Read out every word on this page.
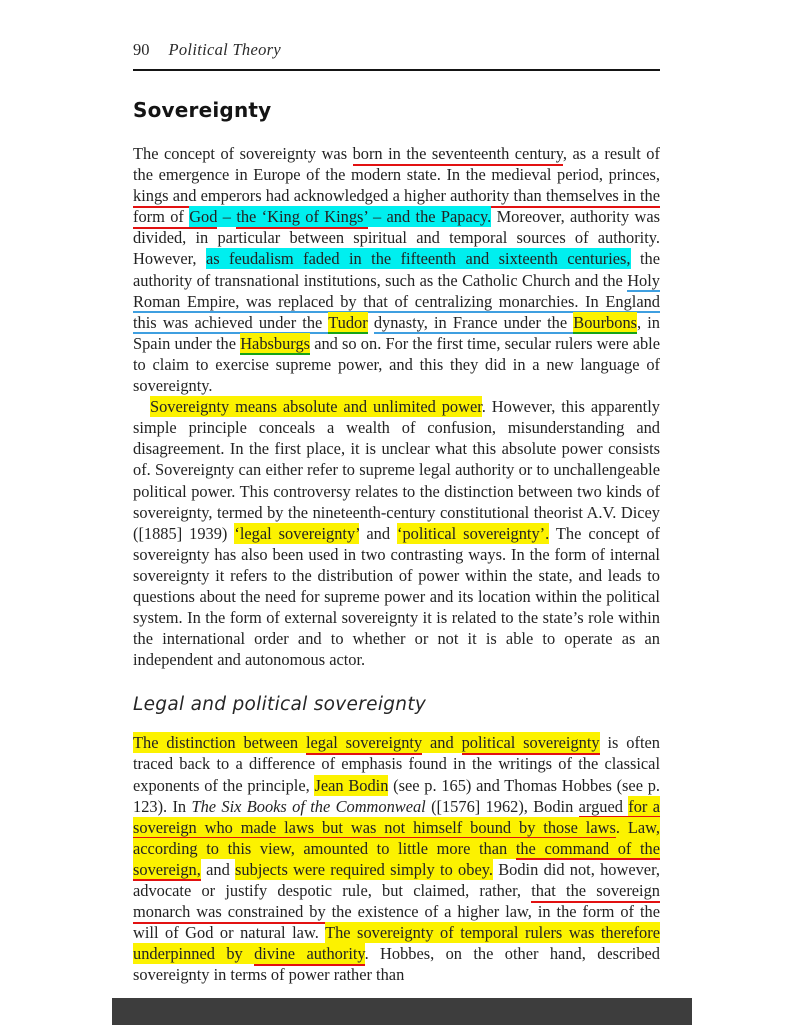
90 Political Theory
Sovereignty

The concept of sovereignty was born in the seventeenth century, as a result of the emergence in Europe of the modern state. In the medieval period, princes, kings and emperors had acknowledged a higher authority than themselves in the form of God – the ‘King of Kings’ – and the Papacy. Moreover, authority was divided, in particular between spiritual and temporal sources of authority. However, as feudalism faded in the fifteenth and sixteenth centuries, the authority of transnational institutions, such as the Catholic Church and the Holy Roman Empire, was replaced by that of centralizing monarchies. In England this was achieved under the Tudor dynasty, in France under the Bourbons, in Spain under the Habsburgs and so on. For the first time, secular rulers were able to claim to exercise supreme power, and this they did in a new language of sovereignty.

Sovereignty means absolute and unlimited power. However, this apparently simple principle conceals a wealth of confusion, misunderstanding and disagreement. In the first place, it is unclear what this absolute power consists of. Sovereignty can either refer to supreme legal authority or to unchallengeable political power. This controversy relates to the distinction between two kinds of sovereignty, termed by the nineteenth-century constitutional theorist A.V. Dicey ([1885] 1939) ‘legal sovereignty’ and ‘political sovereignty’. The concept of sovereignty has also been used in two contrasting ways. In the form of internal sovereignty it refers to the distribution of power within the state, and leads to questions about the need for supreme power and its location within the political system. In the form of external sovereignty it is related to the state’s role within the international order and to whether or not it is able to operate as an independent and autonomous actor.

Legal and political sovereignty

The distinction between legal sovereignty and political sovereignty is often traced back to a difference of emphasis found in the writings of the classical exponents of the principle, Jean Bodin (see p. 165) and Thomas Hobbes (see p. 123). In The Six Books of the Commonweal ([1576] 1962), Bodin argued for a sovereign who made laws but was not himself bound by those laws. Law, according to this view, amounted to little more than the command of the sovereign, and subjects were required simply to obey. Bodin did not, however, advocate or justify despotic rule, but claimed, rather, that the sovereign monarch was constrained by the existence of a higher law, in the form of the will of God or natural law. The sovereignty of temporal rulers was therefore underpinned by divine authority. Hobbes, on the other hand, described sovereignty in terms of power rather than
